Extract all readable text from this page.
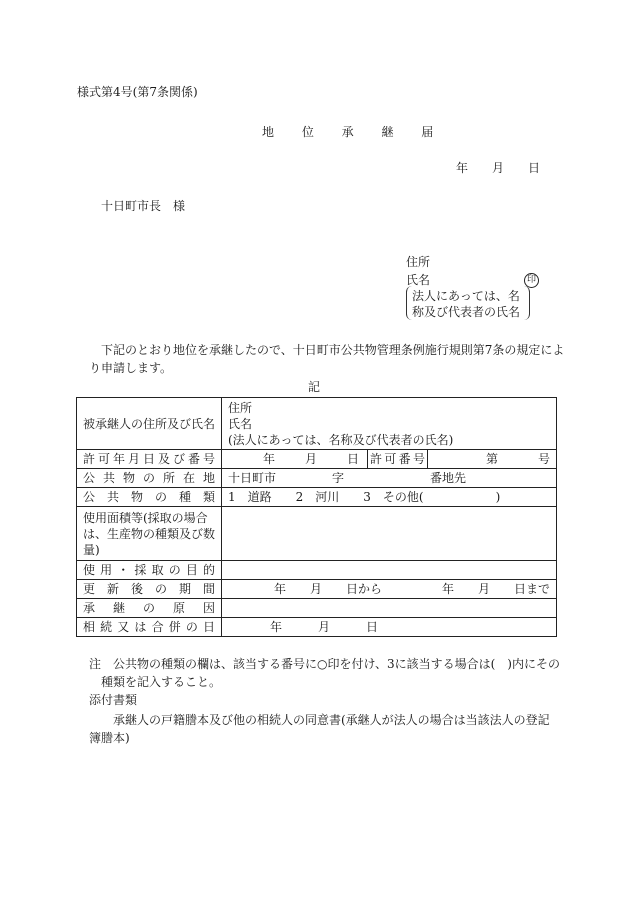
様式第4号(第7条関係)
地 位 承 継 届
年 月 日
十日町市長　様
住所
氏名	印
法人にあっては、名
称及び代表者の氏名
下記のとおり地位を承継したので、十日町市公共物管理条例施行規則第7条の規定によ
り申請します。
記
被承継人の住所及び氏名	住所
氏名
(法人にあっては、名称及び代表者の氏名)		

許可年月日及び番号	年 月 日	許可番号	第 号

公共物の所在地	十日町市 字 番地先		
公共物の種類	1　道路　　2　河川　　3　その他(　　　　　　)		

使用面積等(採取の場合
は、生産物の種類及び数
量)			

使用・採取の目的			
更新後の期間	年　　月　　日から　　　　　年　　月　　日まで		
承継の原因			
相続又は合併の日	年　　　月　　　日		
注　公共物の種類の欄は、該当する番号に○印を付け、3に該当する場合は(　)内にその
種類を記入すること。
添付書類
承継人の戸籍謄本及び他の相続人の同意書(承継人が法人の場合は当該法人の登記
簿謄本)
